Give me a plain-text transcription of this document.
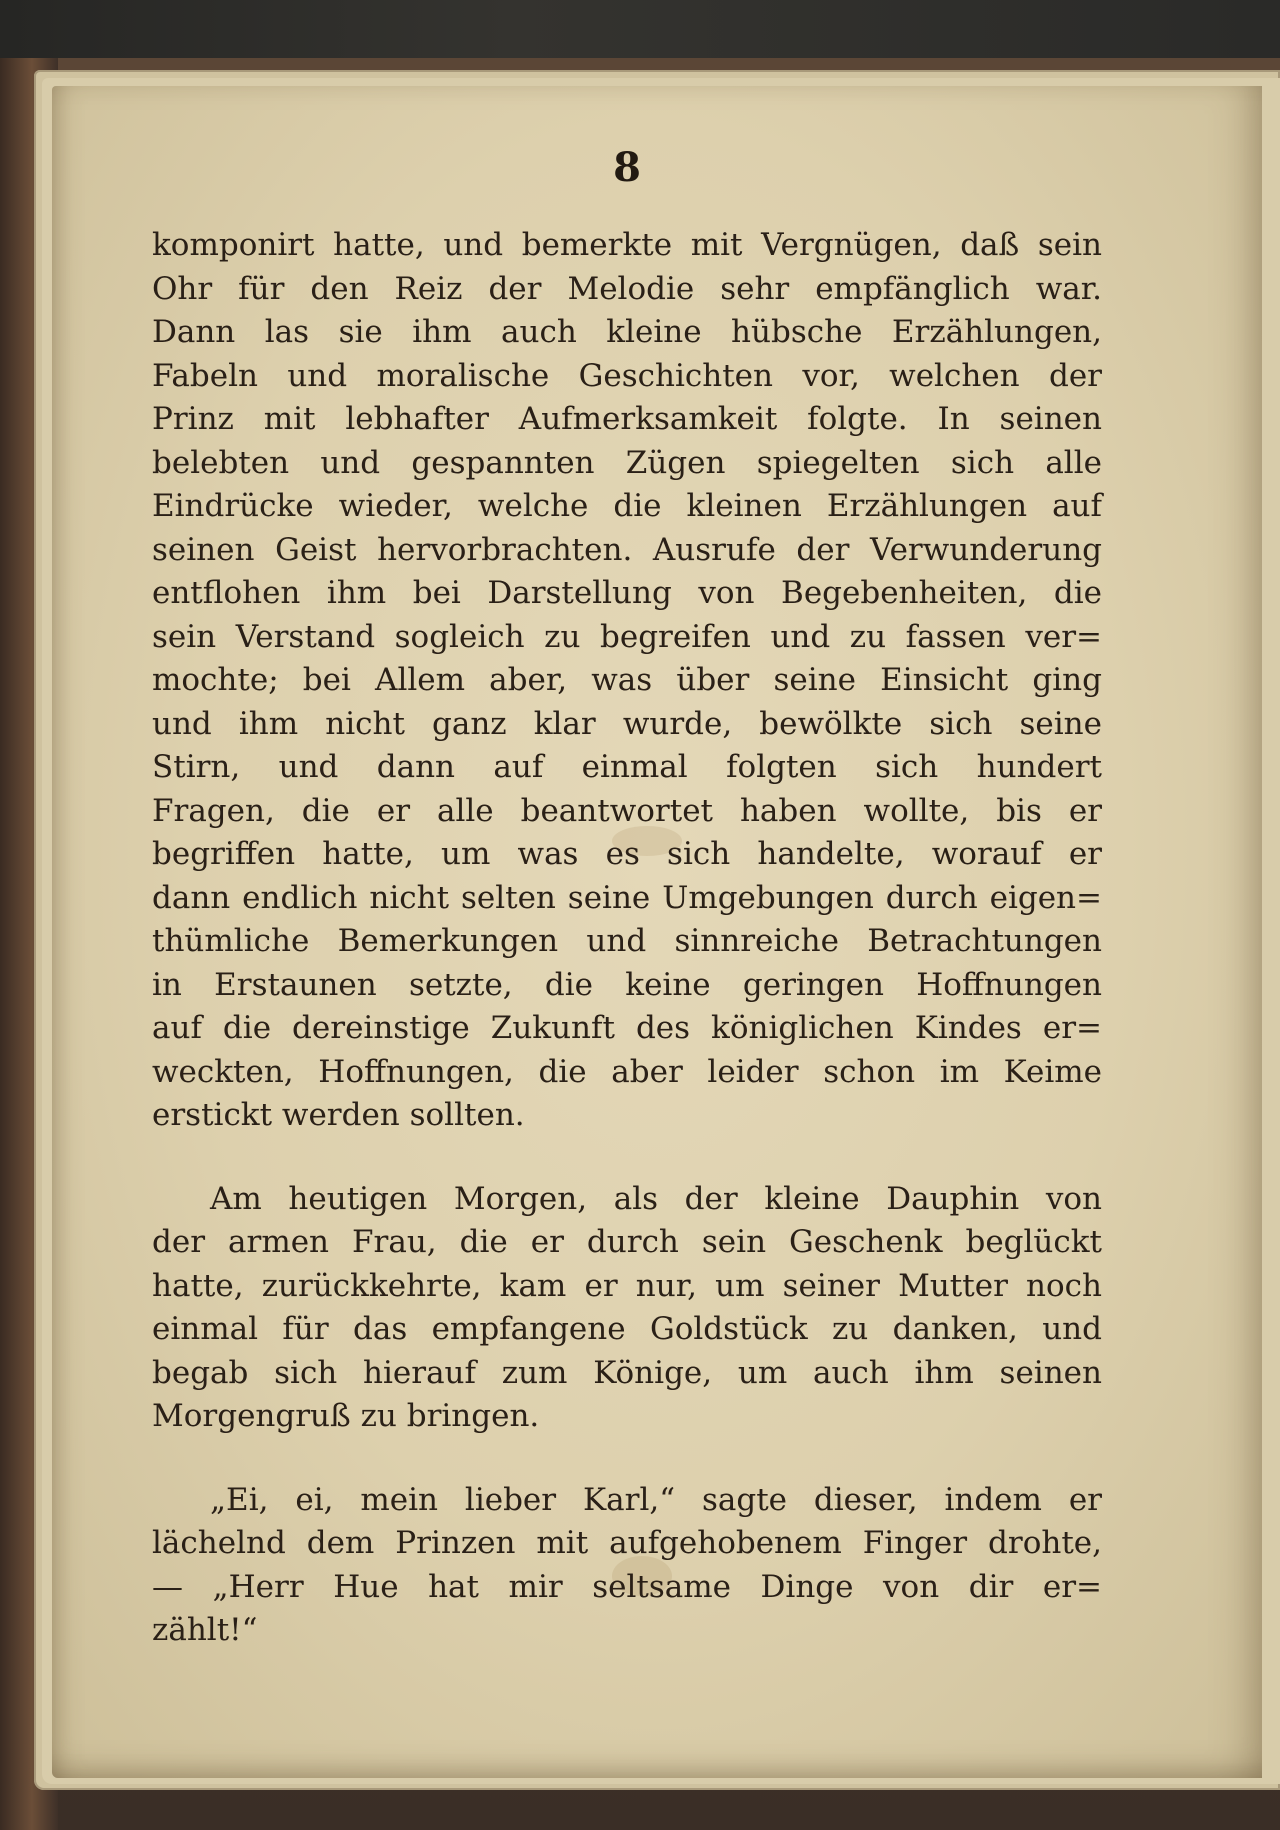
8

komponirt hatte, und bemerkte mit Vergnügen, daß sein
Ohr für den Reiz der Melodie sehr empfänglich war.
Dann las sie ihm auch kleine hübsche Erzählungen,
Fabeln und moralische Geschichten vor, welchen der
Prinz mit lebhafter Aufmerksamkeit folgte. In seinen
belebten und gespannten Zügen spiegelten sich alle
Eindrücke wieder, welche die kleinen Erzählungen auf
seinen Geist hervorbrachten. Ausrufe der Verwunderung
entflohen ihm bei Darstellung von Begebenheiten, die
sein Verstand sogleich zu begreifen und zu fassen ver=
mochte; bei Allem aber, was über seine Einsicht ging
und ihm nicht ganz klar wurde, bewölkte sich seine
Stirn, und dann auf einmal folgten sich hundert
Fragen, die er alle beantwortet haben wollte, bis er
begriffen hatte, um was es sich handelte, worauf er
dann endlich nicht selten seine Umgebungen durch eigen=
thümliche Bemerkungen und sinnreiche Betrachtungen
in Erstaunen setzte, die keine geringen Hoffnungen
auf die dereinstige Zukunft des königlichen Kindes er=
weckten, Hoffnungen, die aber leider schon im Keime
erstickt werden sollten.

Am heutigen Morgen, als der kleine Dauphin von
der armen Frau, die er durch sein Geschenk beglückt
hatte, zurückkehrte, kam er nur, um seiner Mutter noch
einmal für das empfangene Goldstück zu danken, und
begab sich hierauf zum Könige, um auch ihm seinen
Morgengruß zu bringen.

„Ei, ei, mein lieber Karl,“ sagte dieser, indem er
lächelnd dem Prinzen mit aufgehobenem Finger drohte,
— „Herr Hue hat mir seltsame Dinge von dir er=
zählt!“
